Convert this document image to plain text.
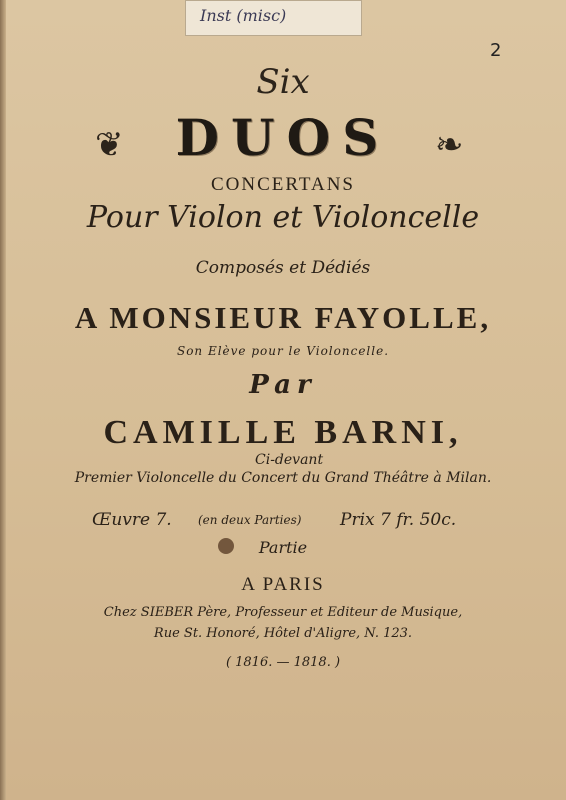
Inst (misc)
2
Six
❦	DUOS	❧
CONCERTANS
Pour Violon et Violoncelle
Composés et Dédiés
A MONSIEUR FAYOLLE,
Son Elève pour le Violoncelle.
Par
CAMILLE BARNI,
Ci-devant
Premier Violoncelle du Concert du Grand Théâtre à Milan.
Œuvre 7. (en deux Parties) Prix 7 fr. 50c.
Partie
A PARIS
Chez SIEBER Père, Professeur et Editeur de Musique,
Rue St. Honoré, Hôtel d'Aligre, N. 123.
( 1816. — 1818. )
